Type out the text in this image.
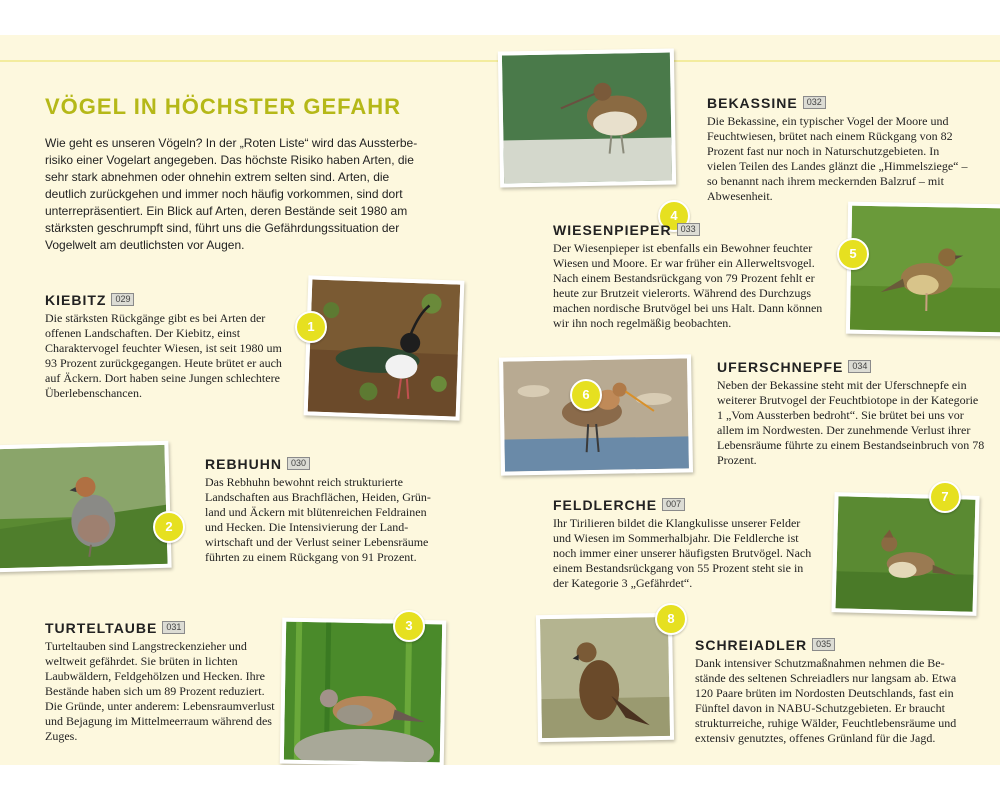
VÖGEL IN HÖCHSTER GEFAHR

Wie geht es unseren Vögeln? In der „Roten Liste“ wird das Aussterberisiko einer Vogelart angegeben. Das höchste Risiko haben Arten, die sehr stark abnehmen oder ohnehin extrem selten sind. Arten, die deutlich zurückgehen und immer noch häufig vorkommen, sind dort unterrepräsentiert. Ein Blick auf Arten, deren Bestände seit 1980 am stärksten geschrumpft sind, führt uns die Gefährdungssituation der Vogelwelt am deutlichsten vor Augen.

KIEBITZ 029

Die stärksten Rückgänge gibt es bei Arten der offenen Landschaften. Der Kiebitz, einst Charaktervogel feuchter Wiesen, ist seit 1980 um 93 Prozent zurückgegangen. Heute brütet er auch auf Äckern. Dort haben seine Jungen schlechtere Überlebenschancen.

1
2
REBHUHN 030

Das Rebhuhn bewohnt reich strukturierte Landschaften aus Brachflächen, Heiden, Grünland und Äckern mit blütenreichen Feldrainen und Hecken. Die Intensivierung der Landwirtschaft und der Verlust seiner Lebensräume führten zu einem Rückgang von 91 Prozent.

TURTELTAUBE 031

Turteltauben sind Langstreckenzieher und weltweit gefährdet. Sie brüten in lichten Laubwäldern, Feldgehölzen und Hecken. Ihre Bestände haben sich um 89 Prozent reduziert. Die Gründe, unter anderem: Lebensraumverlust und Bejagung im Mittelmeerraum während des Zuges.

3
4
BEKASSINE 032

Die Bekassine, ein typischer Vogel der Moore und Feuchtwiesen, brütet nach einem Rückgang von 82 Prozent fast nur noch in Naturschutzgebieten. In vielen Teilen des Landes glänzt die „Himmelsziege“ – so benannt nach ihrem meckernden Balzruf – mit Abwesenheit.

WIESENPIEPER 033

Der Wiesenpieper ist ebenfalls ein Bewohner feuchter Wiesen und Moore. Er war früher ein Allerweltsvogel. Nach einem Bestandsrückgang von 79 Prozent fehlt er heute zur Brutzeit vielerorts. Während des Durchzugs machen nordische Brutvögel bei uns Halt. Dann können wir ihn noch regelmäßig beobachten.

5
6
UFERSCHNEPFE 034

Neben der Bekassine steht mit der Uferschnepfe ein weiterer Brutvogel der Feuchtbiotope in der Kategorie 1 „Vom Aussterben bedroht“. Sie brütet bei uns vor allem im Nordwesten. Der zunehmende Verlust ihrer Lebensräume führte zu einem Bestandseinbruch von 78 Prozent.

FELDLERCHE 007

Ihr Tirilieren bildet die Klangkulisse unserer Felder und Wiesen im Sommerhalbjahr. Die Feldlerche ist noch immer einer unserer häufigsten Brutvögel. Nach einem Bestandsrückgang von 55 Prozent steht sie in der Kategorie 3 „Gefährdet“.

7
8
SCHREIADLER 035

Dank intensiver Schutzmaßnahmen nehmen die Bestände des seltenen Schreiadlers nur langsam ab. Etwa 120 Paare brüten im Nordosten Deutschlands, fast ein Fünftel davon in NABU-Schutzgebieten. Er braucht strukturreiche, ruhige Wälder, Feuchtlebensräume und extensiv genutztes, offenes Grünland für die Jagd.
